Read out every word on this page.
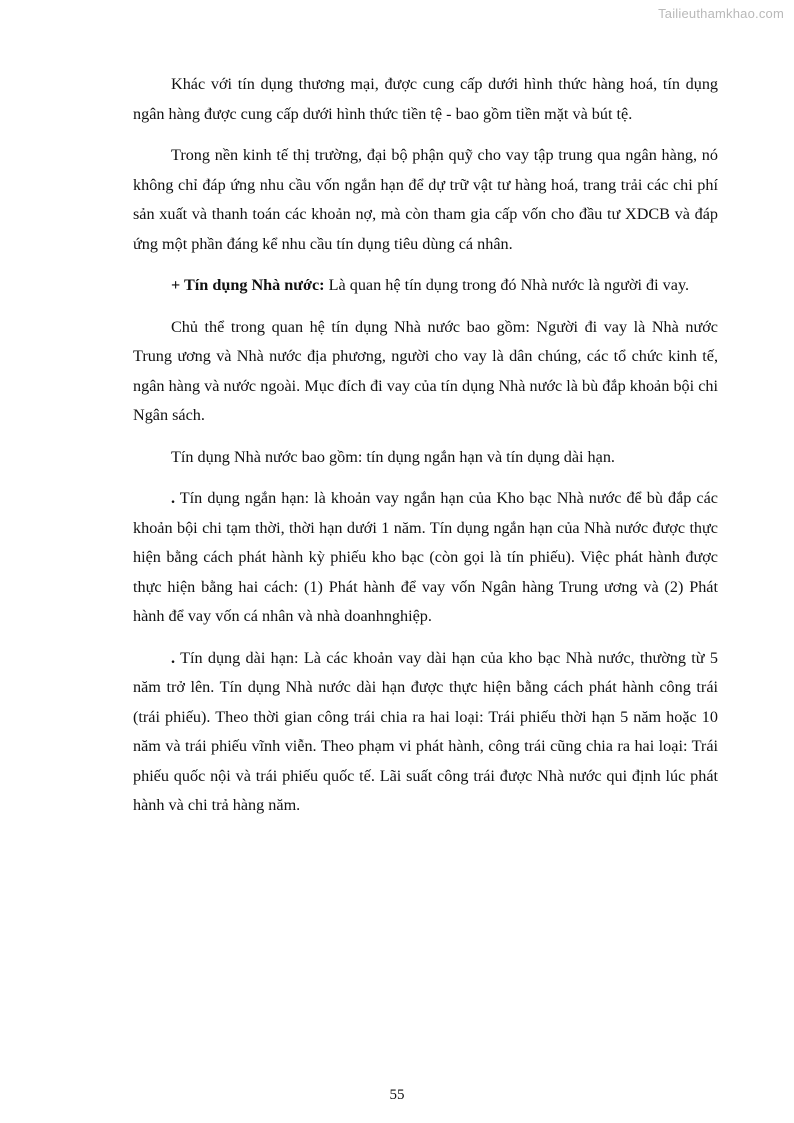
Tailieuthamkhao.com

Khác với tín dụng thương mại, được cung cấp dưới hình thức hàng hoá, tín dụng ngân hàng được cung cấp dưới hình thức tiền tệ - bao gồm tiền mặt và bút tệ.

Trong nền kinh tế thị trường, đại bộ phận quỹ cho vay tập trung qua ngân hàng, nó không chỉ đáp ứng nhu cầu vốn ngắn hạn để dự trữ vật tư hàng hoá, trang trải các chi phí sản xuất và thanh toán các khoản nợ, mà còn tham gia cấp vốn cho đầu tư XDCB và đáp ứng một phần đáng kể nhu cầu tín dụng tiêu dùng cá nhân.

+ Tín dụng Nhà nước: Là quan hệ tín dụng trong đó Nhà nước là người đi vay.

Chủ thể trong quan hệ tín dụng Nhà nước bao gồm: Người đi vay là Nhà nước Trung ương và Nhà nước địa phương, người cho vay là dân chúng, các tổ chức kinh tế, ngân hàng và nước ngoài. Mục đích đi vay của tín dụng Nhà nước là bù đắp khoản bội chi Ngân sách.

Tín dụng Nhà nước bao gồm: tín dụng ngắn hạn và tín dụng dài hạn.

. Tín dụng ngắn hạn: là khoản vay ngắn hạn của Kho bạc Nhà nước để bù đắp các khoản bội chi tạm thời, thời hạn dưới 1 năm. Tín dụng ngắn hạn của Nhà nước được thực hiện bằng cách phát hành kỳ phiếu kho bạc (còn gọi là tín phiếu). Việc phát hành được thực hiện bằng hai cách: (1) Phát hành để vay vốn Ngân hàng Trung ương và (2) Phát hành để vay vốn cá nhân và nhà doanhnghiệp.

. Tín dụng dài hạn: Là các khoản vay dài hạn của kho bạc Nhà nước, thường từ 5 năm trở lên. Tín dụng Nhà nước dài hạn được thực hiện bằng cách phát hành công trái (trái phiếu). Theo thời gian công trái chia ra hai loại: Trái phiếu thời hạn 5 năm hoặc 10 năm và trái phiếu vĩnh viễn. Theo phạm vi phát hành, công trái cũng chia ra hai loại: Trái phiếu quốc nội và trái phiếu quốc tế. Lãi suất công trái được Nhà nước qui định lúc phát hành và chi trả hàng năm.

55
